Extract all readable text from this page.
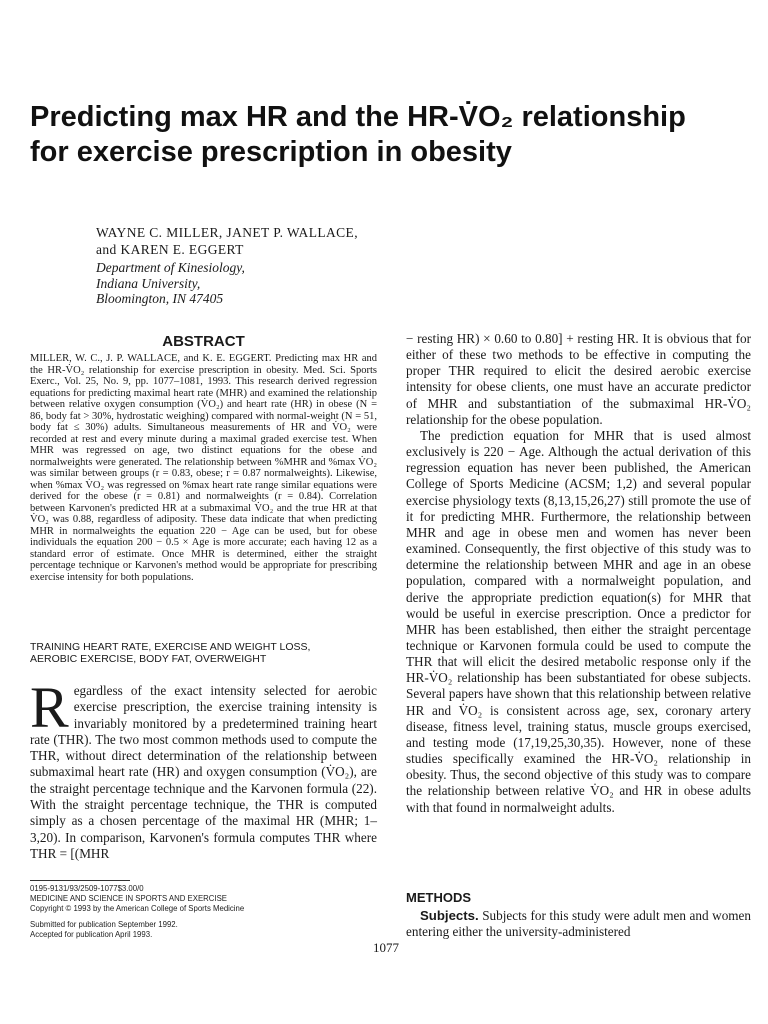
Predicting max HR and the HR-V̇O₂ relationship for exercise prescription in obesity
WAYNE C. MILLER, JANET P. WALLACE,
and KAREN E. EGGERT
Department of Kinesiology,
Indiana University,
Bloomington, IN 47405
ABSTRACT
MILLER, W. C., J. P. WALLACE, and K. E. EGGERT. Predicting max HR and the HR-V̇O₂ relationship for exercise prescription in obesity. Med. Sci. Sports Exerc., Vol. 25, No. 9, pp. 1077–1081, 1993. This research derived regression equations for predicting maximal heart rate (MHR) and examined the relationship between relative oxygen consumption (V̇O₂) and heart rate (HR) in obese (N = 86, body fat > 30%, hydrostatic weighing) compared with normal-weight (N = 51, body fat ≤ 30%) adults. Simultaneous measurements of HR and V̇O₂ were recorded at rest and every minute during a maximal graded exercise test. When MHR was regressed on age, two distinct equations for the obese and normalweights were generated. The relationship between %MHR and %max V̇O₂ was similar between groups (r = 0.83, obese; r = 0.87 normalweights). Likewise, when %max V̇O₂ was regressed on %max heart rate range similar equations were derived for the obese (r = 0.81) and normalweights (r = 0.84). Correlation between Karvonen's predicted HR at a submaximal V̇O₂ and the true HR at that V̇O₂ was 0.88, regardless of adiposity. These data indicate that when predicting MHR in normalweights the equation 220 − Age can be used, but for obese individuals the equation 200 − 0.5 × Age is more accurate; each having 12 as a standard error of estimate. Once MHR is determined, either the straight percentage technique or Karvonen's method would be appropriate for prescribing exercise intensity for both populations.
TRAINING HEART RATE, EXERCISE AND WEIGHT LOSS,
AEROBIC EXERCISE, BODY FAT, OVERWEIGHT
R egardless of the exact intensity selected for aerobic exercise prescription, the exercise training intensity is invariably monitored by a predetermined training heart rate (THR). The two most common methods used to compute the THR, without direct determination of the relationship between submaximal heart rate (HR) and oxygen consumption (V̇O₂), are the straight percentage technique and the Karvonen formula (22). With the straight percentage technique, the THR is computed simply as a chosen percentage of the maximal HR (MHR; 1–3,20). In comparison, Karvonen's formula computes THR where THR = [(MHR
0195-9131/93/2509-1077$3.00/0
MEDICINE AND SCIENCE IN SPORTS AND EXERCISE
Copyright © 1993 by the American College of Sports Medicine
Submitted for publication September 1992.
Accepted for publication April 1993.

− resting HR) × 0.60 to 0.80] + resting HR. It is obvious that for either of these two methods to be effective in computing the proper THR required to elicit the desired aerobic exercise intensity for obese clients, one must have an accurate predictor of MHR and substantiation of the submaximal HR-V̇O₂ relationship for the obese population.

The prediction equation for MHR that is used almost exclusively is 220 − Age. Although the actual derivation of this regression equation has never been published, the American College of Sports Medicine (ACSM; 1,2) and several popular exercise physiology texts (8,13,15,26,27) still promote the use of it for predicting MHR. Furthermore, the relationship between MHR and age in obese men and women has never been examined. Consequently, the first objective of this study was to determine the relationship between MHR and age in an obese population, compared with a normalweight population, and derive the appropriate prediction equation(s) for MHR that would be useful in exercise prescription. Once a predictor for MHR has been established, then either the straight percentage technique or Karvonen formula could be used to compute the THR that will elicit the desired metabolic response only if the HR-V̇O₂ relationship has been substantiated for obese subjects. Several papers have shown that this relationship between relative HR and V̇O₂ is consistent across age, sex, coronary artery disease, fitness level, training status, muscle groups exercised, and testing mode (17,19,25,30,35). However, none of these studies specifically examined the HR-V̇O₂ relationship in obesity. Thus, the second objective of this study was to compare the relationship between relative V̇O₂ and HR in obese adults with that found in normalweight adults.

METHODS
Subjects. Subjects for this study were adult men and women entering either the university-administered
1077
